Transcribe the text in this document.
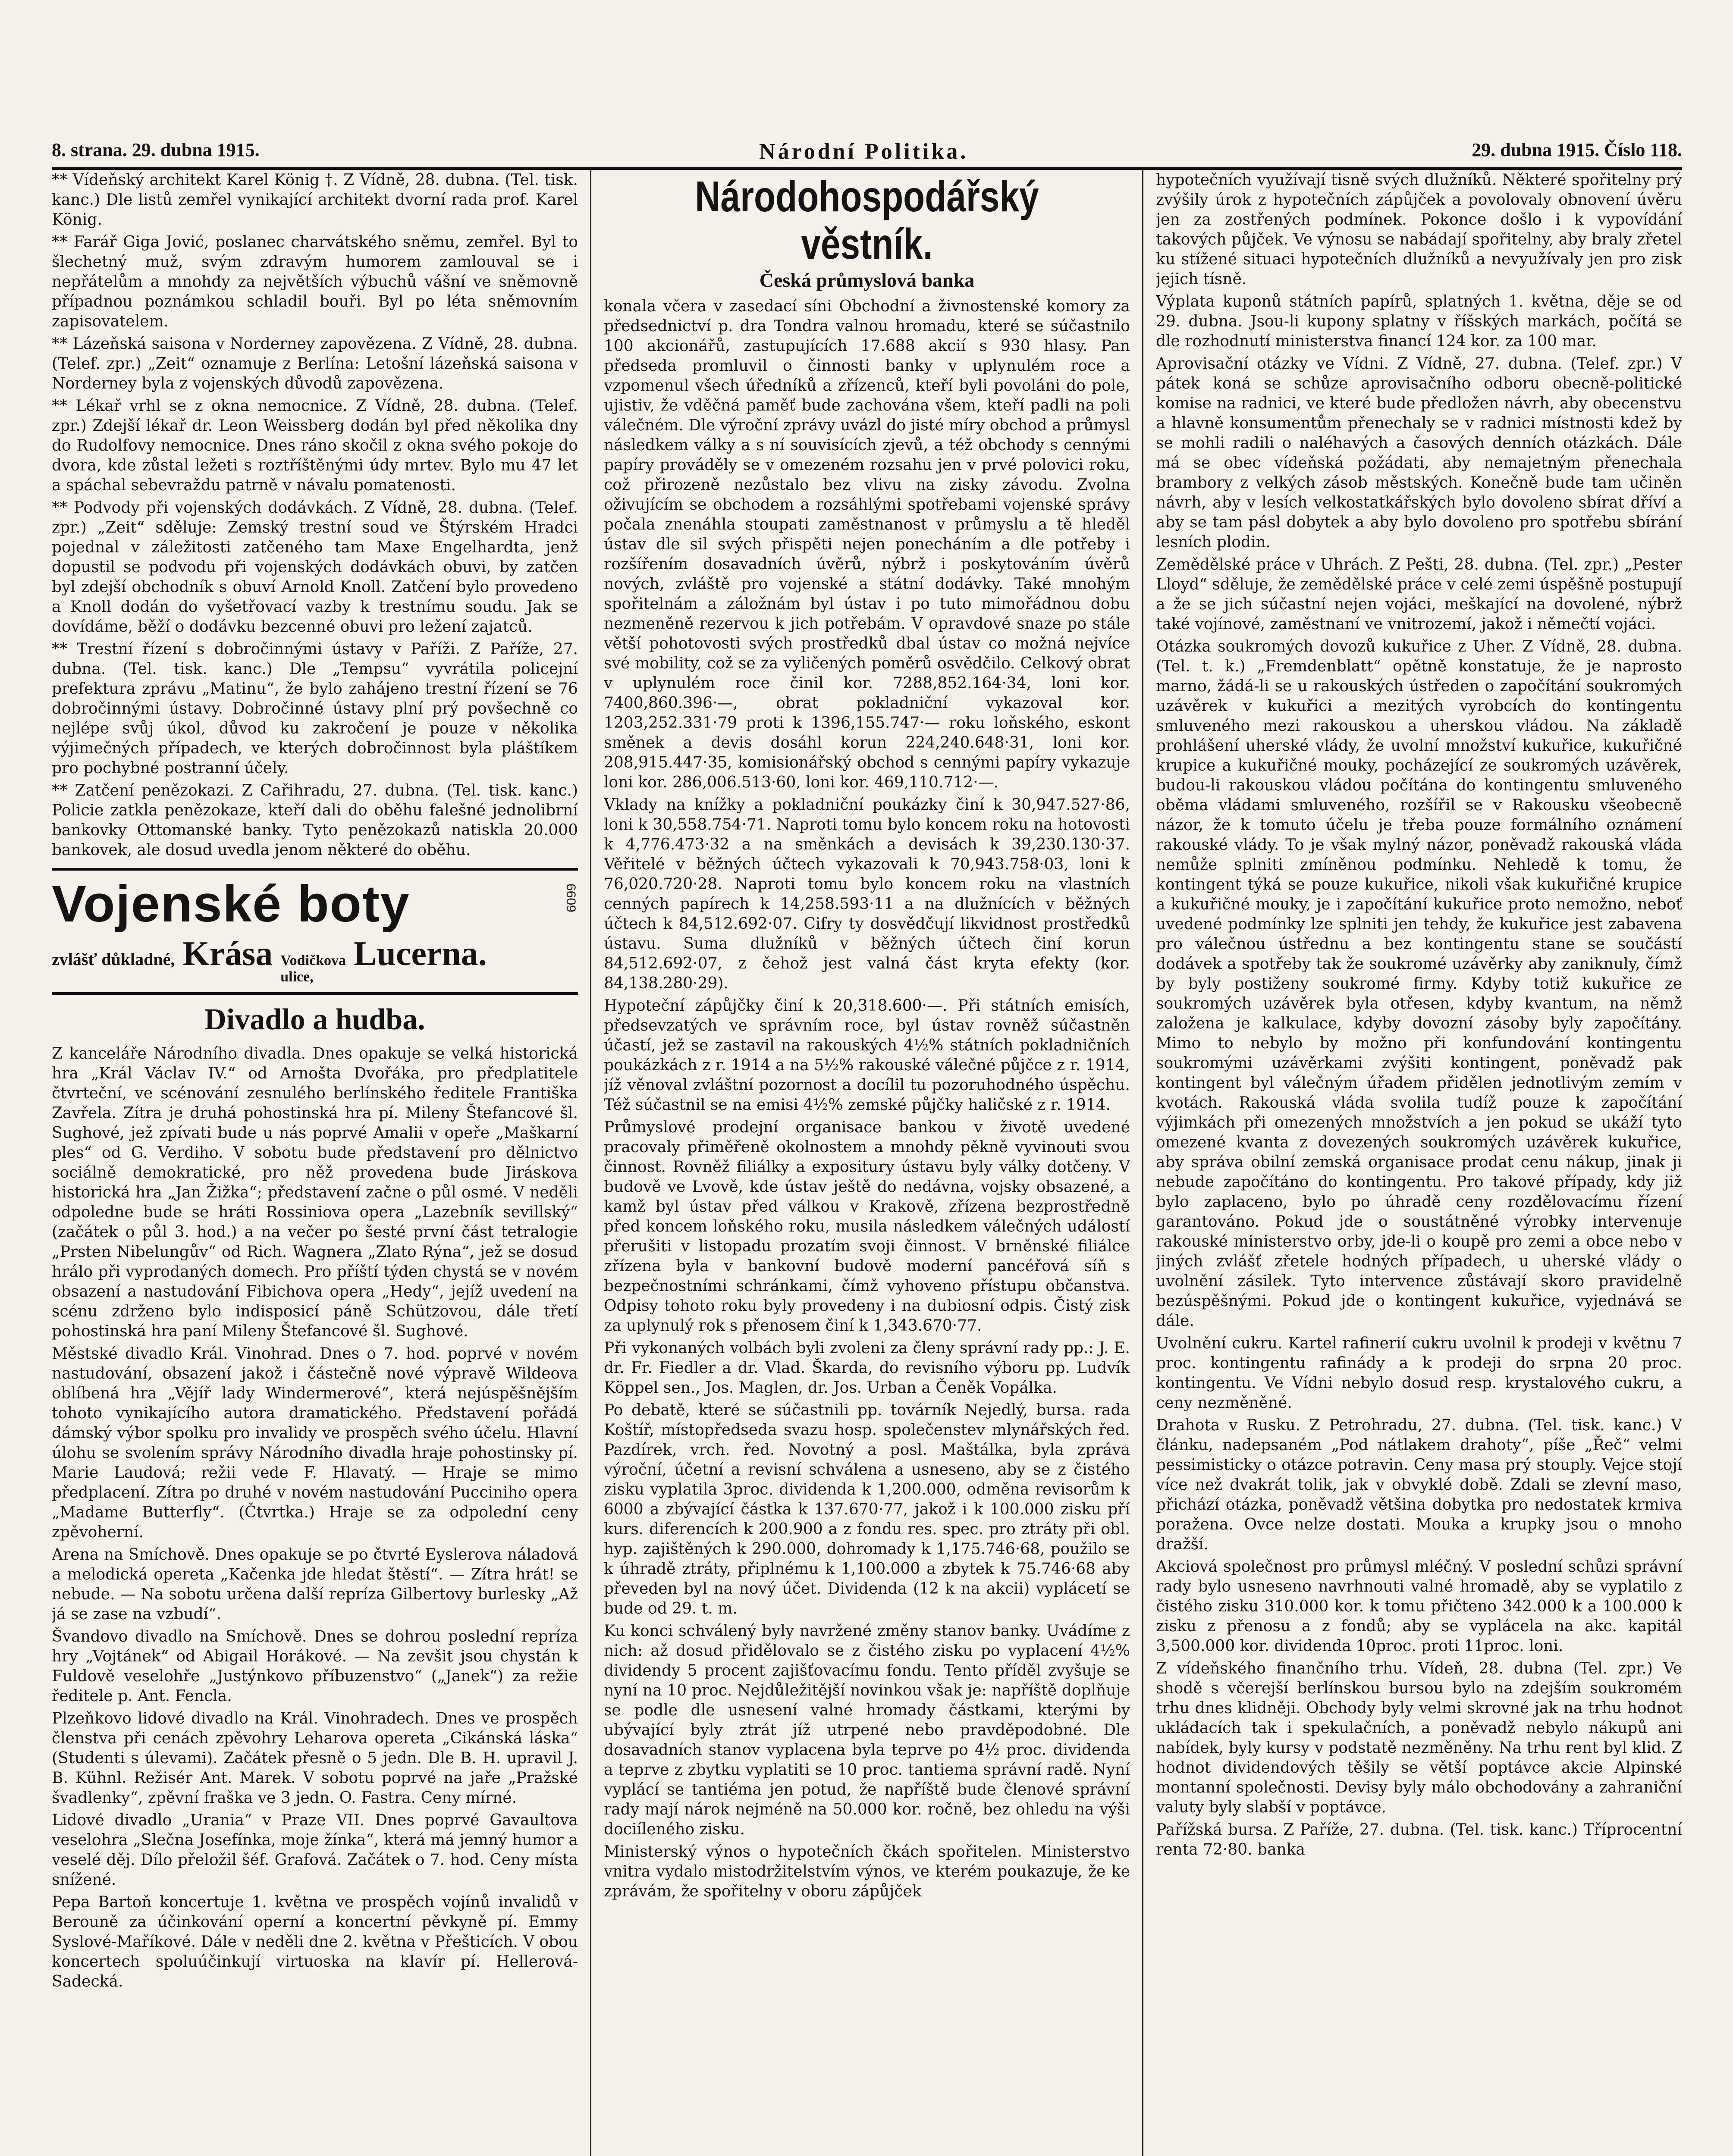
8. strana. 29. dubna 1915.	Národní Politika.	29. dubna 1915. Číslo 118.

** Vídeňský architekt Karel König †. Z Vídně, 28. dubna. (Tel. tisk. kanc.) Dle listů zemřel vynikající architekt dvorní rada prof. Karel König.

** Farář Giga Jović, poslanec charvátského sněmu, zemřel. Byl to šlechetný muž, svým zdravým humorem zamlouval se i nepřátelům a mnohdy za největších výbuchů vášní ve sněmovně případnou poznámkou schladil bouři. Byl po léta sněmovním zapisovatelem.

** Lázeňská saisona v Norderney zapovězena. Z Vídně, 28. dubna. (Telef. zpr.) „Zeit“ oznamuje z Berlína: Letošní lázeňská saisona v Norderney byla z vojenských důvodů zapovězena.

** Lékař vrhl se z okna nemocnice. Z Vídně, 28. dubna. (Telef. zpr.) Zdejší lékař dr. Leon Weissberg dodán byl před několika dny do Rudolfovy nemocnice. Dnes ráno skočil z okna svého pokoje do dvora, kde zůstal ležeti s roztříštěnými údy mrtev. Bylo mu 47 let a spáchal sebevraždu patrně v návalu pomatenosti.

** Podvody při vojenských dodávkách. Z Vídně, 28. dubna. (Telef. zpr.) „Zeit“ sděluje: Zemský trestní soud ve Štýrském Hradci pojednal v záležitosti zatčeného tam Maxe Engelhardta, jenž dopustil se podvodu při vojenských dodávkách obuvi, by zatčen byl zdejší obchodník s obuví Arnold Knoll. Zatčení bylo provedeno a Knoll dodán do vyšetřovací vazby k trestnímu soudu. Jak se dovídáme, běží o dodávku bezcenné obuvi pro ležení zajatců.

** Trestní řízení s dobročinnými ústavy v Paříži. Z Paříže, 27. dubna. (Tel. tisk. kanc.) Dle „Tempsu“ vyvrátila policejní prefektura zprávu „Matinu“, že bylo zahájeno trestní řízení se 76 dobročinnými ústavy. Dobročinné ústavy plní prý povšechně co nejlépe svůj úkol, důvod ku zakročení je pouze v několika výjimečných případech, ve kterých dobročinnost byla pláštíkem pro pochybné postranní účely.

** Zatčení penězokazi. Z Cařihradu, 27. dubna. (Tel. tisk. kanc.) Policie zatkla penězokaze, kteří dali do oběhu falešné jednolibrní bankovky Ottomanské banky. Tyto penězokazů natiskla 20.000 bankovek, ale dosud uvedla jenom některé do oběhu.

Vojenské boty
zvlášť důkladné, Krása Vodičkova
ulice,
Lucerna.
6609
Divadlo a hudba.

Z kanceláře Národního divadla. Dnes opakuje se velká historická hra „Král Václav IV.“ od Arnošta Dvořáka, pro předplatitele čtvrteční, ve scénování zesnulého berlínského ředitele Františka Zavřela. Zítra je druhá pohostinská hra pí. Mileny Štefancové šl. Sughové, jež zpívati bude u nás poprvé Amalii v opeře „Maškarní ples“ od G. Verdiho. V sobotu bude představení pro dělnictvo sociálně demokratické, pro něž provedena bude Jiráskova historická hra „Jan Žižka“; představení začne o půl osmé. V neděli odpoledne bude se hráti Rossiniova opera „Lazebník sevillský“ (začátek o půl 3. hod.) a na večer po šesté první část tetralogie „Prsten Nibelungův“ od Rich. Wagnera „Zlato Rýna“, jež se dosud hrálo při vyprodaných domech. Pro příští týden chystá se v novém obsazení a nastudování Fibichova opera „Hedy“, jejíž uvedení na scénu zdrženo bylo indisposicí páně Schützovou, dále třetí pohostinská hra paní Mileny Štefancové šl. Sughové.

Městské divadlo Král. Vinohrad. Dnes o 7. hod. poprvé v novém nastudování, obsazení jakož i částečně nové výpravě Wildeova oblíbená hra „Vějíř lady Windermerové“, která nejúspěšnějším tohoto vynikajícího autora dramatického. Představení pořádá dámský výbor spolku pro invalidy ve prospěch svého účelu. Hlavní úlohu se svolením správy Národního divadla hraje pohostinsky pí. Marie Laudová; režii vede F. Hlavatý. — Hraje se mimo předplacení. Zítra po druhé v novém nastudování Pucciniho opera „Madame Butterfly“. (Čtvrtka.) Hraje se za odpolední ceny zpěvoherní.

Arena na Smíchově. Dnes opakuje se po čtvrté Eyslerova náladová a melodická opereta „Kačenka jde hledat štěstí“. — Zítra hrát! se nebude. — Na sobotu určena další repríza Gilbertovy burlesky „Až já se zase na vzbudí“.

Švandovo divadlo na Smíchově. Dnes se dohrou poslední repríza hry „Vojtánek“ od Abigail Horákové. — Na zevšit jsou chystán k Fuldově veselohře „Justýnkovo příbuzenstvo“ („Janek“) za režie ředitele p. Ant. Fencla.

Plzeňkovo lidové divadlo na Král. Vinohradech. Dnes ve prospěch členstva při cenách zpěvohry Leharova opereta „Cikánská láska“ (Studenti s úlevami). Začátek přesně o 5 jedn. Dle B. H. upravil J. B. Kühnl. Režisér Ant. Marek. V sobotu poprvé na jaře „Pražské švadlenky“, zpěvní fraška ve 3 jedn. O. Fastra. Ceny mírné.

Lidové divadlo „Urania“ v Praze VII. Dnes poprvé Gavaultova veselohra „Slečna Josefínka, moje žínka“, která má jemný humor a veselé děj. Dílo přeložil šéf. Grafová. Začátek o 7. hod. Ceny místa snížené.

Pepa Bartoň koncertuje 1. května ve prospěch vojínů invalidů v Berouně za účinkování operní a koncertní pěvkyně pí. Emmy Syslové-Maříkové. Dále v neděli dne 2. května v Přešticích. V obou koncertech spoluúčinkují virtuoska na klavír pí. Hellerová-Sadecká.

Národohospodářský věstník.
Česká průmyslová banka

konala včera v zasedací síni Obchodní a živnostenské komory za předsednictví p. dra Tondra valnou hromadu, které se súčastnilo 100 akcionářů, zastupujících 17.688 akcií s 930 hlasy. Pan předseda promluvil o činnosti banky v uplynulém roce a vzpomenul všech úředníků a zřízenců, kteří byli povoláni do pole, ujistiv, že vděčná paměť bude zachována všem, kteří padli na poli válečném. Dle výroční zprávy uvázl do jisté míry obchod a průmysl následkem války a s ní souvisících zjevů, a též obchody s cennými papíry prováděly se v omezeném rozsahu jen v prvé polovici roku, což přirozeně nezůstalo bez vlivu na zisky závodu. Zvolna oživujícím se obchodem a rozsáhlými spotřebami vojenské správy počala znenáhla stoupati zaměstnanost v průmyslu a tě hleděl ústav dle sil svých přispěti nejen ponecháním a dle potřeby i rozšířením dosavadních úvěrů, nýbrž i poskytováním úvěrů nových, zvláště pro vojenské a státní dodávky. Také mnohým spořitelnám a záložnám byl ústav i po tuto mimořádnou dobu nezmeněně rezervou k jich potřebám. V opravdové snaze po stále větší pohotovosti svých prostředků dbal ústav co možná nejvíce své mobility, což se za vyličených poměrů osvědčilo. Celkový obrat v uplynulém roce činil kor. 7288,852.164·34, loni kor. 7400,860.396·—, obrat pokladniční vykazoval kor. 1203,252.331·79 proti k 1396,155.747·— roku loňského, eskont směnek a devis dosáhl korun 224,240.648·31, loni kor. 208,915.447·35, komisionářský obchod s cennými papíry vykazuje loni kor. 286,006.513·60, loni kor. 469,110.712·—.

Vklady na knížky a pokladniční poukázky činí k 30,947.527·86, loni k 30,558.754·71. Naproti tomu bylo koncem roku na hotovosti k 4,776.473·32 a na směnkách a devisách k 39,230.130·37. Věřitelé v běžných účtech vykazovali k 70,943.758·03, loni k 76,020.720·28. Naproti tomu bylo koncem roku na vlastních cenných papírech k 14,258.593·11 a na dlužnících v běžných účtech k 84,512.692·07. Cifry ty dosvědčují likvidnost prostředků ústavu. Suma dlužníků v běžných účtech činí korun 84,512.692·07, z čehož jest valná část kryta efekty (kor. 84,138.280·29).

Hypoteční zápůjčky činí k 20,318.600·—. Při státních emisích, předsevzatých ve správním roce, byl ústav rovněž súčastněn účastí, jež se zastavil na rakouských 4½% státních pokladničních poukázkách z r. 1914 a na 5½% rakouské válečné půjčce z r. 1914, jíž věnoval zvláštní pozornost a docílil tu pozoruhodného úspěchu. Též súčastnil se na emisi 4½% zemské půjčky haličské z r. 1914.

Průmyslové prodejní organisace bankou v životě uvedené pracovaly přiměřeně okolnostem a mnohdy pěkně vyvinouti svou činnost. Rovněž filiálky a expositury ústavu byly války dotčeny. V budově ve Lvově, kde ústav ještě do nedávna, vojsky obsazené, a kamž byl ústav před válkou v Krakově, zřízena bezprostředně před koncem loňského roku, musila následkem válečných událostí přerušiti v listopadu prozatím svoji činnost. V brněnské filiálce zřízena byla v bankovní budově moderní pancéřová síň s bezpečnostními schránkami, čímž vyhoveno přístupu občanstva. Odpisy tohoto roku byly provedeny i na dubiosní odpis. Čistý zisk za uplynulý rok s přenosem činí k 1,343.670·77.

Při vykonaných volbách byli zvoleni za členy správní rady pp.: J. E. dr. Fr. Fiedler a dr. Vlad. Škarda, do revisního výboru pp. Ludvík Köppel sen., Jos. Maglen, dr. Jos. Urban a Čeněk Vopálka.

Po debatě, které se súčastnili pp. továrník Nejedlý, bursa. rada Koštíř, místopředseda svazu hosp. společenstev mlynářských řed. Pazdírek, vrch. řed. Novotný a posl. Maštálka, byla zpráva výroční, účetní a revisní schválena a usneseno, aby se z čistého zisku vyplatila 3proc. dividenda k 1,200.000, odměna revisorům k 6000 a zbývající částka k 137.670·77, jakož i k 100.000 zisku pří kurs. diferencích k 200.900 a z fondu res. spec. pro ztráty při obl. hyp. zajištěných k 290.000, dohromady k 1,175.746·68, použilo se k úhradě ztráty, připlnému k 1,100.000 a zbytek k 75.746·68 aby převeden byl na nový účet. Dividenda (12 k na akcii) vyplácetí se bude od 29. t. m.

Ku konci schválený byly navržené změny stanov banky. Uvádíme z nich: až dosud přidělovalo se z čistého zisku po vyplacení 4½% dividendy 5 procent zajišťovacímu fondu. Tento příděl zvyšuje se nyní na 10 proc. Nejdůležitější novinkou však je: napříště doplňuje se podle dle usnesení valné hromady částkami, kterými by ubývající byly ztrát jíž utrpené nebo pravděpodobné. Dle dosavadních stanov vyplacena byla teprve po 4½ proc. dividenda a teprve z zbytku vyplatiti se 10 proc. tantiema správní radě. Nyní vyplácí se tantiéma jen potud, že napříště bude členové správní rady mají nárok nejméně na 50.000 kor. ročně, bez ohledu na výši dociíleného zisku.

Ministerský výnos o hypotečních čkách spořitelen. Ministerstvo vnitra vydalo mistodržitelstvím výnos, ve kterém poukazuje, že ke zprávám, že spořitelny v oboru zápůjček

hypotečních využívají tisně svých dlužníků. Některé spořitelny prý zvýšily úrok z hypotečních zápůjček a povolovaly obnovení úvěru jen za zostřených podmínek. Pokonce došlo i k vypovídání takových půjček. Ve výnosu se nabádají spořitelny, aby braly zřetel ku stížené situaci hypotečních dlužníků a nevyužívaly jen pro zisk jejich tísně.

Výplata kuponů státních papírů, splatných 1. května, děje se od 29. dubna. Jsou-li kupony splatny v říšských markách, počítá se dle rozhodnutí ministerstva financí 124 kor. za 100 mar.

Aprovisační otázky ve Vídni. Z Vídně, 27. dubna. (Telef. zpr.) V pátek koná se schůze aprovisačního odboru obecně-politické komise na radnici, ve které bude předložen návrh, aby obecenstvu a hlavně konsumentům přenechaly se v radnici místnosti kdež by se mohli radili o naléhavých a časových denních otázkách. Dále má se obec vídeňská požádati, aby nemajetným přenechala brambory z velkých zásob městských. Konečně bude tam učiněn návrh, aby v lesích velkostatkářských bylo dovoleno sbírat dříví a aby se tam pásl dobytek a aby bylo dovoleno pro spotřebu sbírání lesních plodin.

Zemědělské práce v Uhrách. Z Pešti, 28. dubna. (Tel. zpr.) „Pester Lloyd“ sděluje, že zemědělské práce v celé zemi úspěšně postupují a že se jich súčastní nejen vojáci, meškající na dovolené, nýbrž také vojínové, zaměstnaní ve vnitrozemí, jakož i němečtí vojáci.

Otázka soukromých dovozů kukuřice z Uher. Z Vídně, 28. dubna. (Tel. t. k.) „Fremdenblatt“ opětně konstatuje, že je naprosto marno, žádá-li se u rakouských ústředen o započítání soukromých uzávěrek v kukuřici a mezitých vyrobcích do kontingentu smluveného mezi rakouskou a uherskou vládou. Na základě prohlášení uherské vlády, že uvolní množství kukuřice, kukuřičné krupice a kukuřičné mouky, pocházející ze soukromých uzávěrek, budou-li rakouskou vládou počítána do kontingentu smluveného oběma vládami smluveného, rozšířil se v Rakousku všeobecně názor, že k tomuto účelu je třeba pouze formálního oznámení rakouské vlády. To je však mylný názor, poněvadž rakouská vláda nemůže splniti zmíněnou podmínku. Nehledě k tomu, že kontingent týká se pouze kukuřice, nikoli však kukuřičné krupice a kukuřičné mouky, je i započítání kukuřice proto nemožno, neboť uvedené podmínky lze splniti jen tehdy, že kukuřice jest zabavena pro válečnou ústřednu a bez kontingentu stane se součástí dodávek a spotřeby tak že soukromé uzávěrky aby zaniknuly, čímž by byly postiženy soukromé firmy. Kdyby totiž kukuřice ze soukromých uzávěrek byla otřesen, kdyby kvantum, na němž založena je kalkulace, kdyby dovozní zásoby byly započítány. Mimo to nebylo by možno při konfundování kontingentu soukromými uzávěrkami zvýšiti kontingent, poněvadž pak kontingent byl válečným úřadem přidělen jednotlivým zemím v kvotách. Rakouská vláda svolila tudíž pouze k započítání výjimkách při omezených množstvích a jen pokud se ukáží tyto omezené kvanta z dovezených soukromých uzávěrek kukuřice, aby správa obilní zemská organisace prodat cenu nákup, jinak ji nebude započítáno do kontingentu. Pro takové případy, kdy již bylo zaplaceno, bylo po úhradě ceny rozdělovacímu řízení garantováno. Pokud jde o soustátněné výrobky intervenuje rakouské ministerstvo orby, jde-li o koupě pro zemi a obce nebo v jiných zvlášť zřetele hodných případech, u uherské vlády o uvolnění zásilek. Tyto intervence zůstávají skoro pravidelně bezúspěšnými. Pokud jde o kontingent kukuřice, vyjednává se dále.

Uvolnění cukru. Kartel rafinerií cukru uvolnil k prodeji v květnu 7 proc. kontingentu rafinády a k prodeji do srpna 20 proc. kontingentu. Ve Vídni nebylo dosud resp. krystalového cukru, a ceny nezměněné.

Drahota v Rusku. Z Petrohradu, 27. dubna. (Tel. tisk. kanc.) V článku, nadepsaném „Pod nátlakem drahoty“, píše „Řeč“ velmi pessimisticky o otázce potravin. Ceny masa prý stouply. Vejce stojí více než dvakrát tolik, jak v obvyklé době. Zdali se zlevní maso, přichází otázka, poněvadž většina dobytka pro nedostatek krmiva poražena. Ovce nelze dostati. Mouka a krupky jsou o mnoho dražší.

Akciová společnost pro průmysl mléčný. V poslední schůzi správní rady bylo usneseno navrhnouti valné hromadě, aby se vyplatilo z čistého zisku 310.000 kor. k tomu přičteno 342.000 k a 100.000 k zisku z přenosu a z fondů; aby se vyplácela na akc. kapitál 3,500.000 kor. dividenda 10proc. proti 11proc. loni.

Z vídeňského finančního trhu. Vídeň, 28. dubna (Tel. zpr.) Ve shodě s včerejší berlínskou bursou bylo na zdejším soukromém trhu dnes klidněji. Obchody byly velmi skrovné jak na trhu hodnot ukládacích tak i spekulačních, a poněvadž nebylo nákupů ani nabídek, byly kursy v podstatě nezměněny. Na trhu rent byl klid. Z hodnot dividendových těšily se větší poptávce akcie Alpinské montanní společnosti. Devisy byly málo obchodovány a zahraniční valuty byly slabší v poptávce.

Pařížská bursa. Z Paříže, 27. dubna. (Tel. tisk. kanc.) Tříprocentní renta 72·80. banka
